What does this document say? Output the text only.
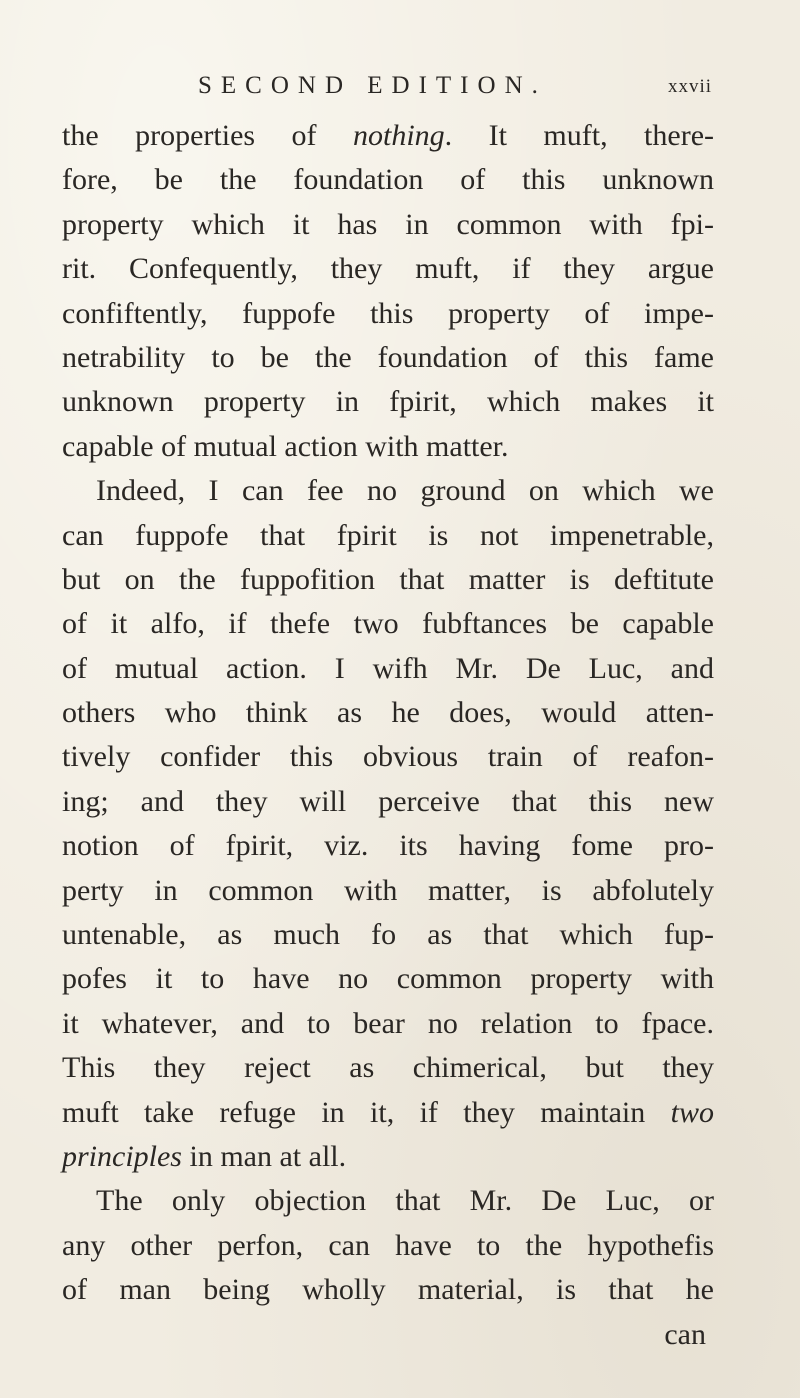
SECOND EDITION.	xxvii
the properties of nothing. It muft, there-
fore, be the foundation of this unknown
property which it has in common with fpi-
rit. Confequently, they muft, if they argue
confiftently, fuppofe this property of impe-
netrability to be the foundation of this fame
unknown property in fpirit, which makes it
capable of mutual action with matter.
Indeed, I can fee no ground on which we
can fuppofe that fpirit is not impenetrable,
but on the fuppofition that matter is deftitute
of it alfo, if thefe two fubftances be capable
of mutual action. I wifh Mr. De Luc, and
others who think as he does, would atten-
tively confider this obvious train of reafon-
ing; and they will perceive that this new
notion of fpirit, viz. its having fome pro-
perty in common with matter, is abfolutely
untenable, as much fo as that which fup-
pofes it to have no common property with
it whatever, and to bear no relation to fpace.
This they reject as chimerical, but they
muft take refuge in it, if they maintain two
principles in man at all.
The only objection that Mr. De Luc, or
any other perfon, can have to the hypothefis
of man being wholly material, is that he
can
